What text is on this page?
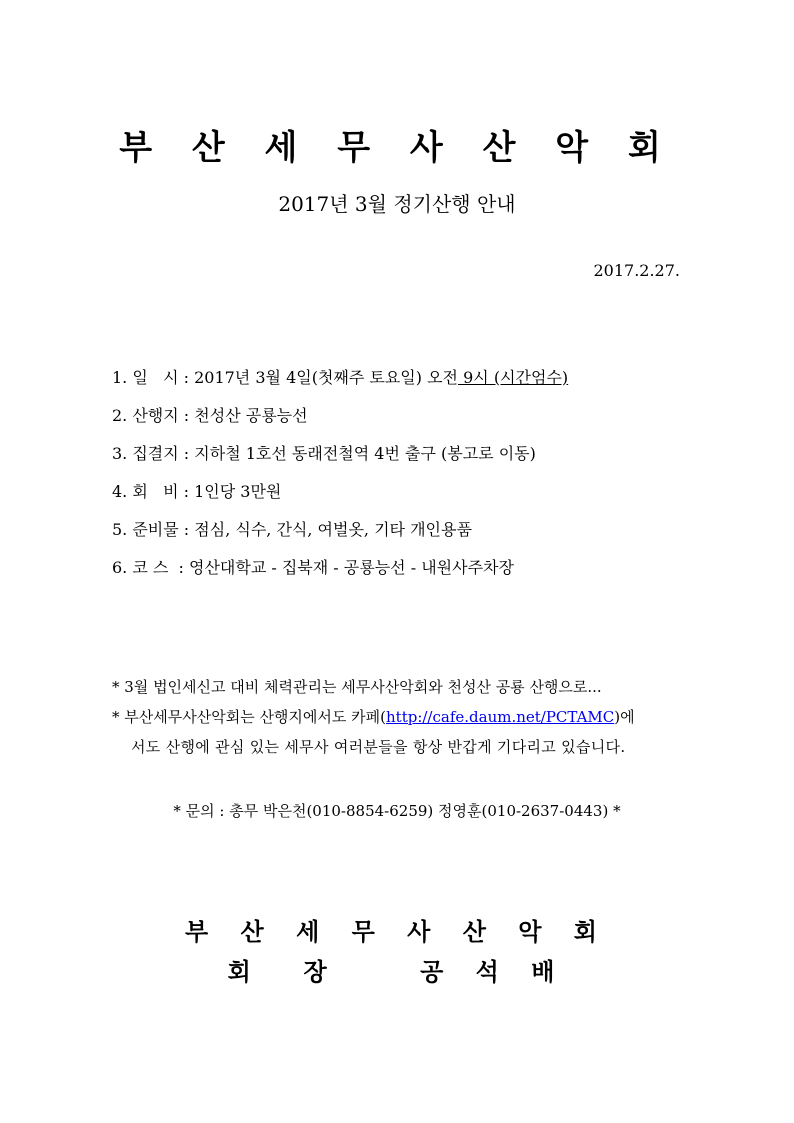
부 산 세 무 사 산 악 회
2017년 3월 정기산행 안내
2017.2.27.
1. 일   시 : 2017년 3월 4일(첫째주 토요일) 오전 9시 (시간엄수)
2. 산행지 : 천성산 공룡능선
3. 집결지 : 지하철 1호선 동래전철역 4번 출구 (봉고로 이동)
4. 회   비 : 1인당 3만원
5. 준비물 : 점심, 식수, 간식, 여벌옷, 기타 개인용품
6. 코 스  : 영산대학교 - 집북재 - 공룡능선 - 내원사주차장
* 3월 법인세신고 대비 체력관리는 세무사산악회와 천성산 공룡 산행으로...
* 부산세무사산악회는 산행지에서도 카페(http://cafe.daum.net/PCTAMC)에
서도 산행에 관심 있는 세무사 여러분들을 항상 반갑게 기다리고 있습니다.
* 문의 : 총무 박은천(010-8854-6259) 정영훈(010-2637-0443) *
부 산 세 무 사 산 악 회
회  장    공 석 배
